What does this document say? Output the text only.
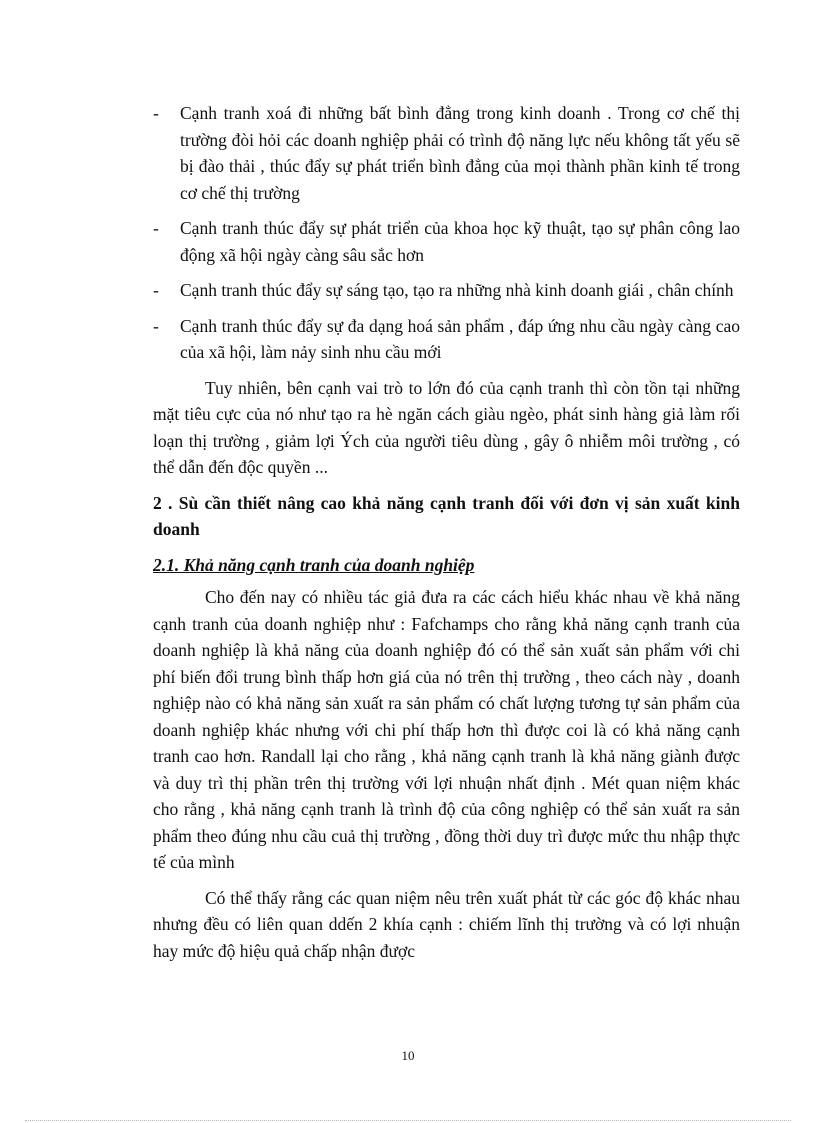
- Cạnh tranh xoá đi những bất bình đẳng trong kinh doanh . Trong cơ chế thị trường đòi hỏi các doanh nghiệp phải có trình độ năng lực nếu không tất yếu sẽ bị đào thải , thúc đẩy sự phát triển bình đẳng của mọi thành phần kinh tế trong cơ chế thị trường
- Cạnh tranh thúc đẩy sự phát triển của khoa học kỹ thuật, tạo sự phân công lao động xã hội ngày càng sâu sắc hơn
- Cạnh tranh thúc đẩy sự sáng tạo, tạo ra những nhà kinh doanh giái , chân chính
- Cạnh tranh thúc đẩy sự đa dạng hoá sản phẩm , đáp ứng nhu cầu ngày càng cao của xã hội, làm nảy sinh nhu cầu mới

Tuy nhiên, bên cạnh vai trò to lớn đó của cạnh tranh thì còn tồn tại những mặt tiêu cực của nó như tạo ra hè ngăn cách giàu ngèo, phát sinh hàng giả làm rối loạn thị trường , giảm lợi Ých của người tiêu dùng , gây ô nhiễm môi trường , có thể dẫn đến độc quyền ...

2 . Sù cần thiết nâng cao khả năng cạnh tranh đối với đơn vị sản xuất kinh doanh

2.1. Khả năng cạnh tranh của doanh nghiệp

Cho đến nay có nhiều tác giả đưa ra các cách hiểu khác nhau về khả năng cạnh tranh của doanh nghiệp như : Fafchamps cho rằng khả năng cạnh tranh của doanh nghiệp là khả năng của doanh nghiệp đó có thể sản xuất sản phẩm với chi phí biến đổi trung bình thấp hơn giá của nó trên thị trường , theo cách này , doanh nghiệp nào có khả năng sản xuất ra sản phẩm có chất lượng tương tự sản phẩm của doanh nghiệp khác nhưng với chi phí thấp hơn thì được coi là có khả năng cạnh tranh cao hơn. Randall lại cho rằng , khả năng cạnh tranh là khả năng giành được và duy trì thị phần trên thị trường với lợi nhuận nhất định . Mét quan niệm khác cho rằng , khả năng cạnh tranh là trình độ của công nghiệp có thể sản xuất ra sản phẩm theo đúng nhu cầu cuả thị trường , đồng thời duy trì được mức thu nhập thực tế của mình

Có thể thấy rằng các quan niệm nêu trên xuất phát từ các góc độ khác nhau nhưng đều có liên quan ddến 2 khía cạnh : chiếm lĩnh thị trường và có lợi nhuận hay mức độ hiệu quả chấp nhận được

10
